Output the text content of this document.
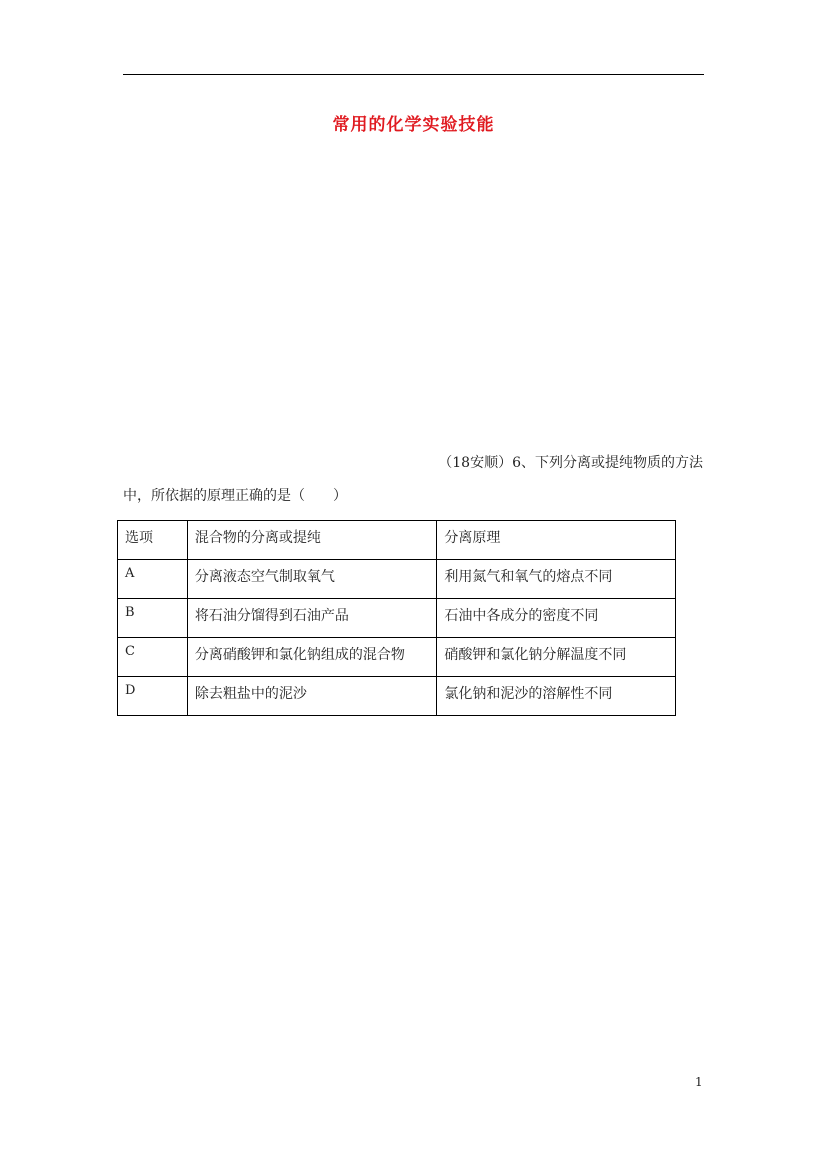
常用的化学实验技能
（18安顺）6、下列分离或提纯物质的方法
中，所依据的原理正确的是（　　）
选项	混合物的分离或提纯	分离原理
A	分离液态空气制取氧气	利用氮气和氧气的熔点不同
B	将石油分馏得到石油产品	石油中各成分的密度不同
C	分离硝酸钾和氯化钠组成的混合物	硝酸钾和氯化钠分解温度不同
D	除去粗盐中的泥沙	氯化钠和泥沙的溶解性不同
1
